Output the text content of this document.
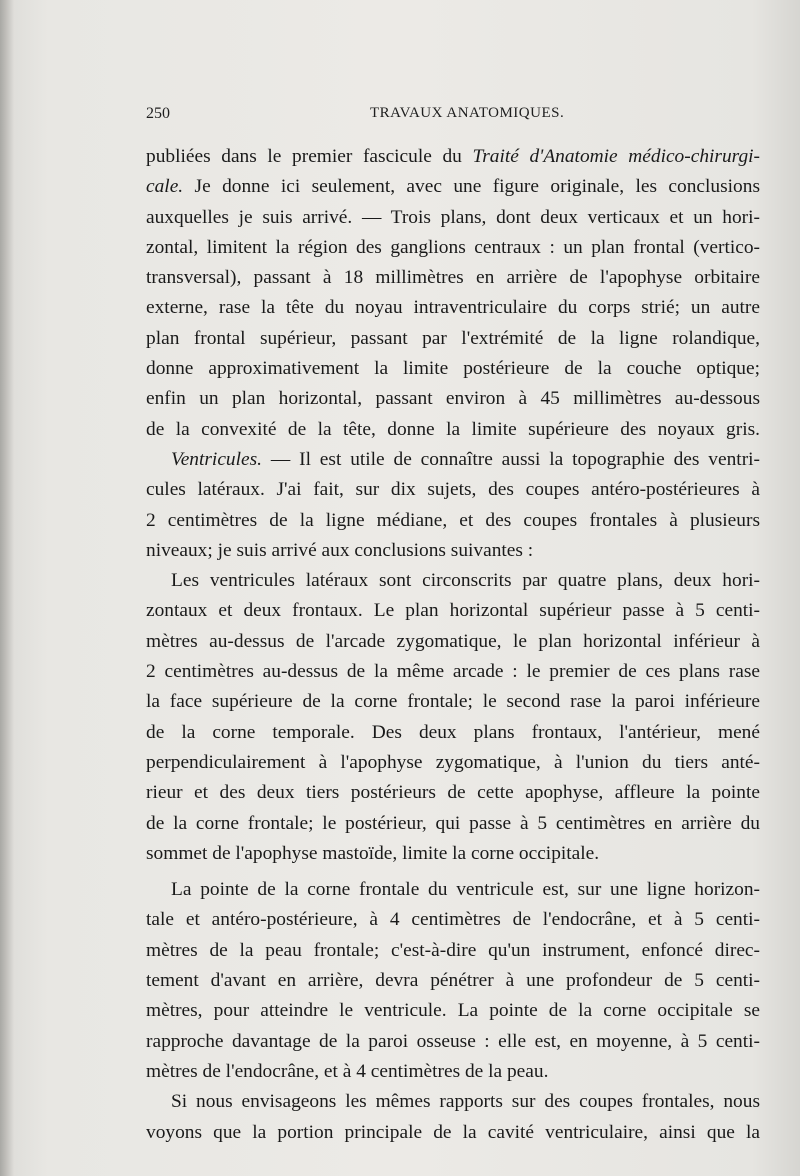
250	TRAVAUX ANATOMIQUES.
publiées dans le premier fascicule du Traité d'Anatomie médico-chirurgi-
cale. Je donne ici seulement, avec une figure originale, les conclusions
auxquelles je suis arrivé. — Trois plans, dont deux verticaux et un hori-
zontal, limitent la région des ganglions centraux : un plan frontal (vertico-
transversal), passant à 18 millimètres en arrière de l'apophyse orbitaire
externe, rase la tête du noyau intraventriculaire du corps strié; un autre
plan frontal supérieur, passant par l'extrémité de la ligne rolandique,
donne approximativement la limite postérieure de la couche optique;
enfin un plan horizontal, passant environ à 45 millimètres au-dessous
de la convexité de la tête, donne la limite supérieure des noyaux gris.
Ventricules. — Il est utile de connaître aussi la topographie des ventri-
cules latéraux. J'ai fait, sur dix sujets, des coupes antéro-postérieures à
2 centimètres de la ligne médiane, et des coupes frontales à plusieurs
niveaux; je suis arrivé aux conclusions suivantes :
Les ventricules latéraux sont circonscrits par quatre plans, deux hori-
zontaux et deux frontaux. Le plan horizontal supérieur passe à 5 centi-
mètres au-dessus de l'arcade zygomatique, le plan horizontal inférieur à
2 centimètres au-dessus de la même arcade : le premier de ces plans rase
la face supérieure de la corne frontale; le second rase la paroi inférieure
de la corne temporale. Des deux plans frontaux, l'antérieur, mené
perpendiculairement à l'apophyse zygomatique, à l'union du tiers anté-
rieur et des deux tiers postérieurs de cette apophyse, affleure la pointe
de la corne frontale; le postérieur, qui passe à 5 centimètres en arrière du
sommet de l'apophyse mastoïde, limite la corne occipitale.
La pointe de la corne frontale du ventricule est, sur une ligne horizon-
tale et antéro-postérieure, à 4 centimètres de l'endocrâne, et à 5 centi-
mètres de la peau frontale; c'est-à-dire qu'un instrument, enfoncé direc-
tement d'avant en arrière, devra pénétrer à une profondeur de 5 centi-
mètres, pour atteindre le ventricule. La pointe de la corne occipitale se
rapproche davantage de la paroi osseuse : elle est, en moyenne, à 5 centi-
mètres de l'endocrâne, et à 4 centimètres de la peau.
Si nous envisageons les mêmes rapports sur des coupes frontales, nous
voyons que la portion principale de la cavité ventriculaire, ainsi que la
